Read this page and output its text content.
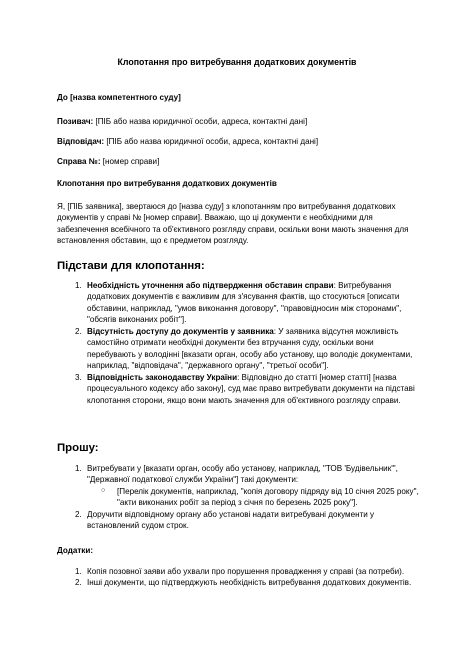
Клопотання про витребування додаткових документів
До [назва компетентного суду]
Позивач: [ПІБ або назва юридичної особи, адреса, контактні дані]
Відповідач: [ПІБ або назва юридичної особи, адреса, контактні дані]
Справа №: [номер справи]
Клопотання про витребування додаткових документів
Я, [ПІБ заявника], звертаюся до [назва суду] з клопотанням про витребування додаткових документів у справі № [номер справи]. Вважаю, що ці документи є необхідними для забезпечення всебічного та об'єктивного розгляду справи, оскільки вони мають значення для встановлення обставин, що є предметом розгляду.
Підстави для клопотання:
1. Необхідність уточнення або підтвердження обставин справи: Витребування додаткових документів є важливим для з'ясування фактів, що стосуються [описати обставини, наприклад, "умов виконання договору", "правовідносин між сторонами", "обсягів виконаних робіт"].
2. Відсутність доступу до документів у заявника: У заявника відсутня можливість самостійно отримати необхідні документи без втручання суду, оскільки вони перебувають у володінні [вказати орган, особу або установу, що володіє документами, наприклад, "відповідача", "державного органу", "третьої особи"].
3. Відповідність законодавству України: Відповідно до статті [номер статті] [назва процесуального кодексу або закону], суд має право витребувати документи на підставі клопотання сторони, якщо вони мають значення для об'єктивного розгляду справи.
Прошу:
1. Витребувати у [вказати орган, особу або установу, наприклад, "ТОВ 'Будівельник'", "Державної податкової служби України"] такі документи:
○ [Перелік документів, наприклад, "копія договору підряду від 10 січня 2025 року", "акти виконаних робіт за період з січня по березень 2025 року"].
2. Доручити відповідному органу або установі надати витребувані документи у встановлений судом строк.
Додатки:
1. Копія позовної заяви або ухвали про порушення провадження у справі (за потреби).
2. Інші документи, що підтверджують необхідність витребування додаткових документів.
